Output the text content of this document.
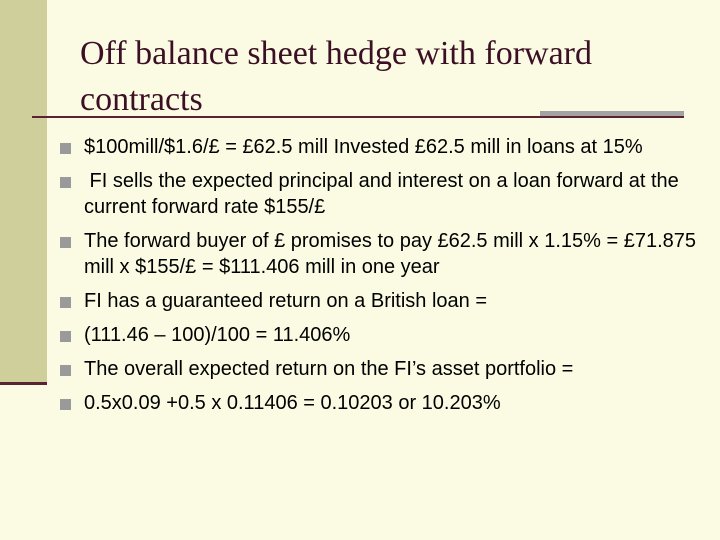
Off balance sheet hedge with forward contracts
$100mill/$1.6/£ = £62.5 mill Invested £62.5 mill in loans at 15%
FI sells the expected principal and interest on a loan forward at the current forward rate $155/£
The forward buyer of £ promises to pay £62.5 mill x 1.15% = £71.875 mill x $155/£ = $111.406 mill in one year
FI has a guaranteed return on a British loan =
(111.46 – 100)/100 = 11.406%
The overall expected return on the FI’s asset portfolio =
0.5x0.09 +0.5 x 0.11406 = 0.10203 or 10.203%
